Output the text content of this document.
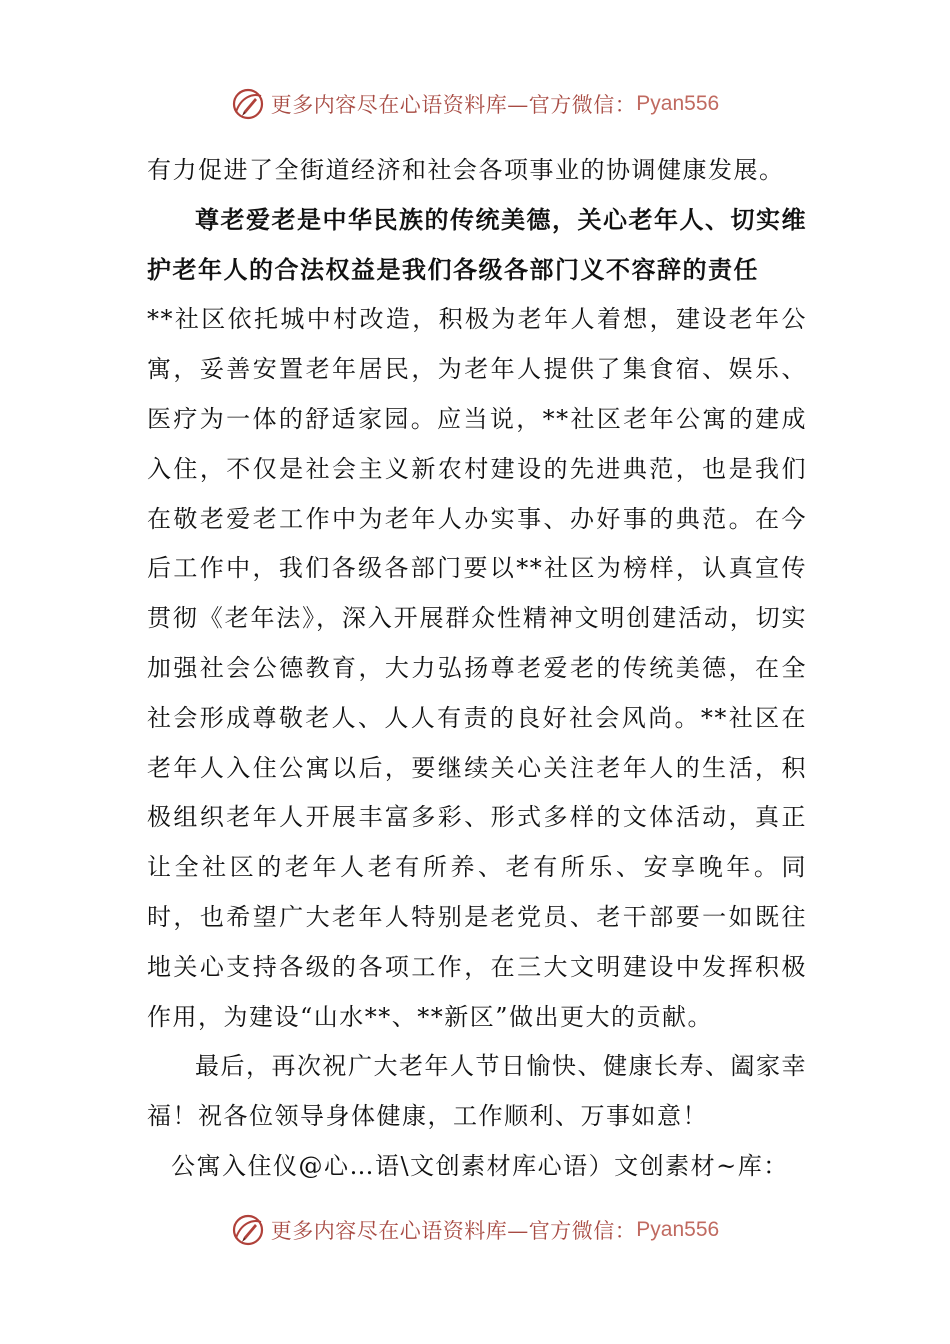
更多内容尽在心语资料库—官方微信： Pyan556

有力促进了全街道经济和社会各项事业的协调健康发展。

尊老爱老是中华民族的传统美德，关心老年人、切实维护老年人的合法权益是我们各级各部门义不容辞的责任

**社区依托城中村改造，积极为老年人着想，建设老年公寓，妥善安置老年居民，为老年人提供了集食宿、娱乐、医疗为一体的舒适家园。应当说，**社区老年公寓的建成入住，不仅是社会主义新农村建设的先进典范，也是我们在敬老爱老工作中为老年人办实事、办好事的典范。在今后工作中，我们各级各部门要以**社区为榜样，认真宣传贯彻《老年法》，深入开展群众性精神文明创建活动，切实加强社会公德教育，大力弘扬尊老爱老的传统美德，在全社会形成尊敬老人、人人有责的良好社会风尚。**社区在老年人入住公寓以后，要继续关心关注老年人的生活，积极组织老年人开展丰富多彩、形式多样的文体活动，真正让全社区的老年人老有所养、老有所乐、安享晚年。同时，也希望广大老年人特别是老党员、老干部要一如既往地关心支持各级的各项工作，在三大文明建设中发挥积极作用，为建设“山水**、**新区”做出更大的贡献。

最后，再次祝广大老年人节日愉快、健康长寿、阖家幸福！祝各位领导身体健康，工作顺利、万事如意！

公寓入住仪@心…语\文创素材库心语）文创素材~库：

更多内容尽在心语资料库—官方微信： Pyan556
